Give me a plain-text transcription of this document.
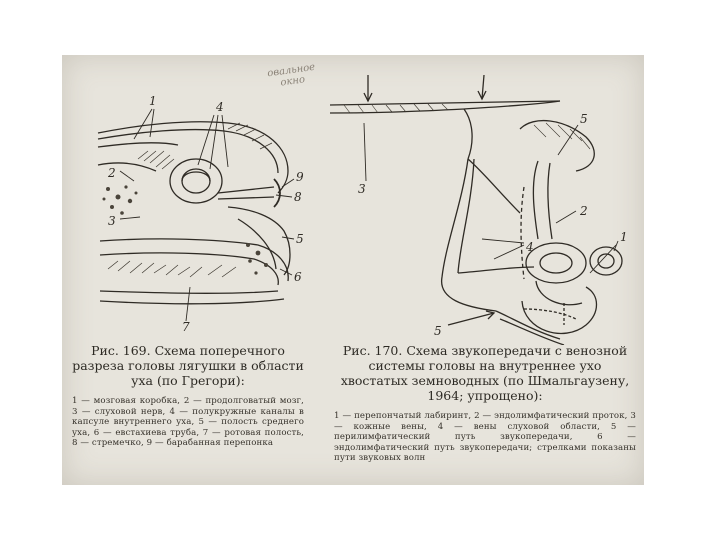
1	4
2
3
9
8
5
6
7
овальное окно
3
5
2
4
1
5

Рис. 169. Схема поперечного разреза головы лягушки в области уха (по Грегори):

1 — мозговая коробка, 2 — продолговатый мозг, 3 — слуховой нерв, 4 — полукружные каналы в капсуле внутреннего уха, 5 — полость среднего уха, 6 — евстахиева труба, 7 — ротовая полость, 8 — стремечко, 9 — барабанная перепонка

Рис. 170. Схема звукопередачи с венозной системы головы на внутреннее ухо хвостатых земноводных (по Шмальгаузену, 1964; упрощено):

1 — перепончатый лабиринт, 2 — эндолимфатический проток, 3 — кожные вены, 4 — вены слуховой области, 5 — перилимфатический путь звукопередачи, 6 — эндолимфатический путь звукопередачи; стрелками показаны пути звуковых волн
